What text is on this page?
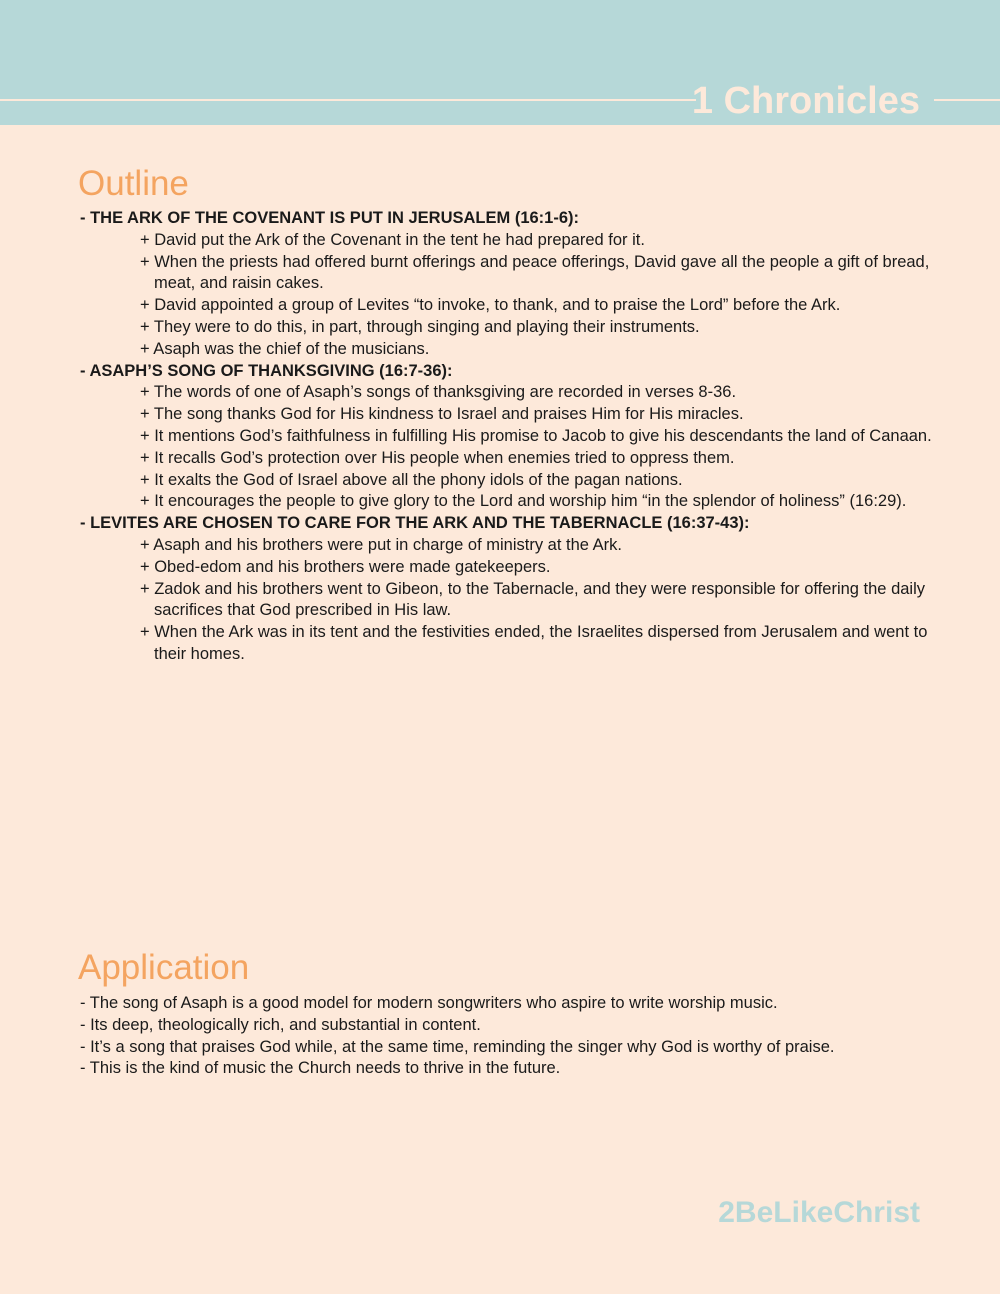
1 Chronicles
Outline
- THE ARK OF THE COVENANT IS PUT IN JERUSALEM (16:1-6):
+ David put the Ark of the Covenant in the tent he had prepared for it.
+ When the priests had offered burnt offerings and peace offerings, David gave all the people a gift of bread, meat, and raisin cakes.
+ David appointed a group of Levites “to invoke, to thank, and to praise the Lord” before the Ark.
+ They were to do this, in part, through singing and playing their instruments.
+ Asaph was the chief of the musicians.
- ASAPH’S SONG OF THANKSGIVING (16:7-36):
+ The words of one of Asaph’s songs of thanksgiving are recorded in verses 8-36.
+ The song thanks God for His kindness to Israel and praises Him for His miracles.
+ It mentions God’s faithfulness in fulfilling His promise to Jacob to give his descendants the land of Canaan.
+ It recalls God’s protection over His people when enemies tried to oppress them.
+ It exalts the God of Israel above all the phony idols of the pagan nations.
+ It encourages the people to give glory to the Lord and worship him “in the splendor of holiness” (16:29).
- LEVITES ARE CHOSEN TO CARE FOR THE ARK AND THE TABERNACLE (16:37-43):
+ Asaph and his brothers were put in charge of ministry at the Ark.
+ Obed-edom and his brothers were made gatekeepers.
+ Zadok and his brothers went to Gibeon, to the Tabernacle, and they were responsible for offering the daily sacrifices that God prescribed in His law.
+ When the Ark was in its tent and the festivities ended, the Israelites dispersed from Jerusalem and went to their homes.
Application
- The song of Asaph is a good model for modern songwriters who aspire to write worship music.
- Its deep, theologically rich, and substantial in content.
- It’s a song that praises God while, at the same time, reminding the singer why God is worthy of praise.
- This is the kind of music the Church needs to thrive in the future.
2BeLikeChrist
